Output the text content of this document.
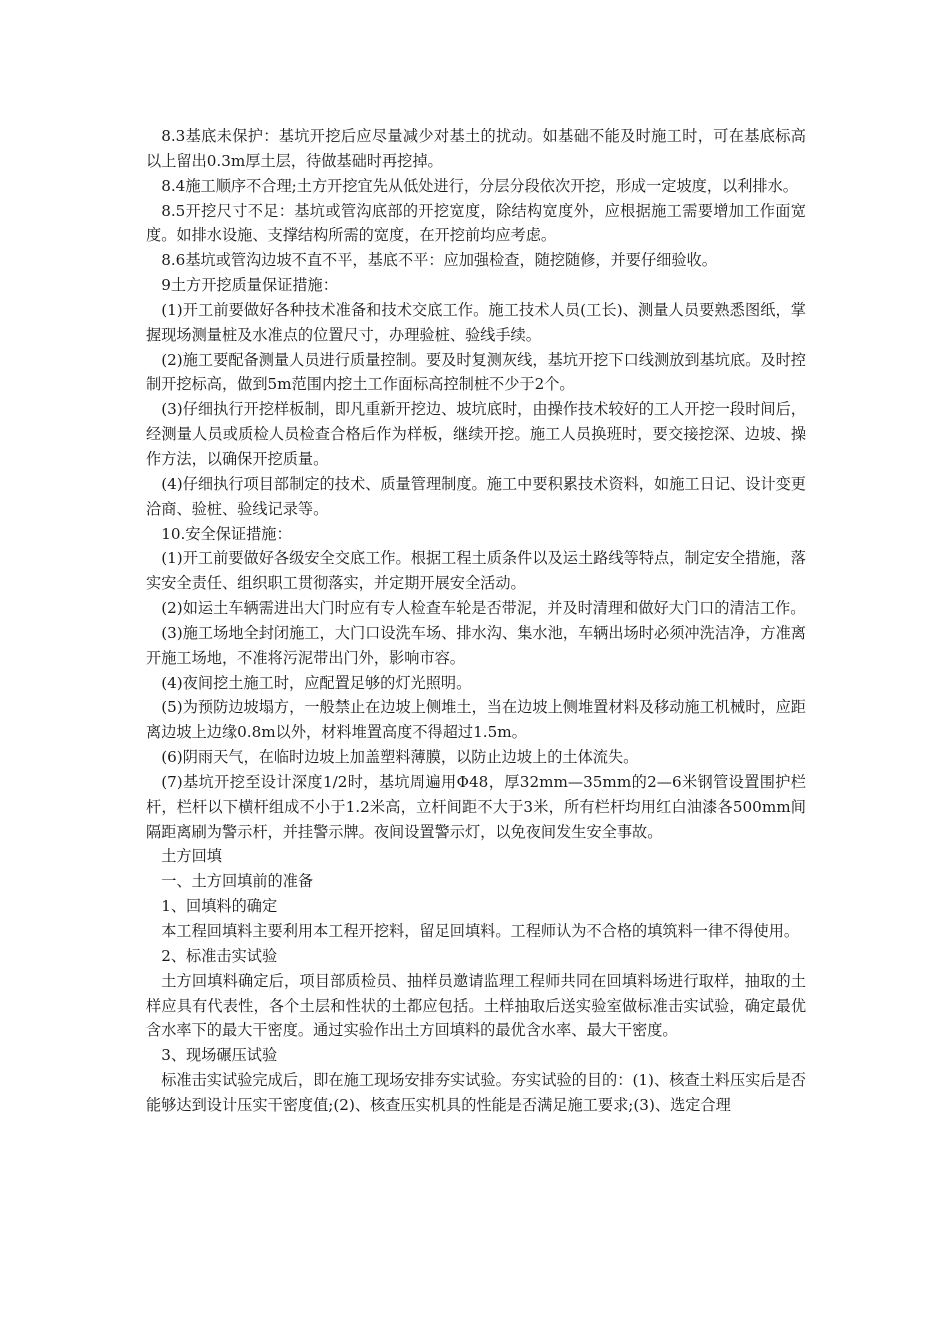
8.3基底未保护：基坑开挖后应尽量减少对基土的扰动。如基础不能及时施工时，可在基底标高以上留出0.3m厚土层，待做基础时再挖掉。

8.4施工顺序不合理;土方开挖宜先从低处进行，分层分段依次开挖，形成一定坡度，以利排水。

8.5开挖尺寸不足：基坑或管沟底部的开挖宽度，除结构宽度外，应根据施工需要增加工作面宽度。如排水设施、支撑结构所需的宽度，在开挖前均应考虑。

8.6基坑或管沟边坡不直不平，基底不平：应加强检查，随挖随修，并要仔细验收。

9土方开挖质量保证措施：

(1)开工前要做好各种技术准备和技术交底工作。施工技术人员(工长)、测量人员要熟悉图纸，掌握现场测量桩及水准点的位置尺寸，办理验桩、验线手续。

(2)施工要配备测量人员进行质量控制。要及时复测灰线，基坑开挖下口线测放到基坑底。及时控制开挖标高，做到5m范围内挖土工作面标高控制桩不少于2个。

(3)仔细执行开挖样板制，即凡重新开挖边、坡坑底时，由操作技术较好的工人开挖一段时间后，经测量人员或质检人员检查合格后作为样板，继续开挖。施工人员换班时，要交接挖深、边坡、操作方法，以确保开挖质量。

(4)仔细执行项目部制定的技术、质量管理制度。施工中要积累技术资料，如施工日记、设计变更洽商、验桩、验线记录等。

10.安全保证措施：

(1)开工前要做好各级安全交底工作。根据工程土质条件以及运土路线等特点，制定安全措施，落实安全责任、组织职工贯彻落实，并定期开展安全活动。

(2)如运土车辆需进出大门时应有专人检查车轮是否带泥，并及时清理和做好大门口的清洁工作。

(3)施工场地全封闭施工，大门口设洗车场、排水沟、集水池，车辆出场时必须冲洗洁净，方准离开施工场地，不准将污泥带出门外，影响市容。

(4)夜间挖土施工时，应配置足够的灯光照明。

(5)为预防边坡塌方，一般禁止在边坡上侧堆土，当在边坡上侧堆置材料及移动施工机械时，应距离边坡上边缘0.8m以外，材料堆置高度不得超过1.5m。

(6)阴雨天气，在临时边坡上加盖塑料薄膜，以防止边坡上的土体流失。

(7)基坑开挖至设计深度1/2时，基坑周遍用Φ48，厚32mm—35mm的2—6米钢管设置围护栏杆，栏杆以下横杆组成不小于1.2米高，立杆间距不大于3米，所有栏杆均用红白油漆各500mm间隔距离刷为警示杆，并挂警示牌。夜间设置警示灯，以免夜间发生安全事故。

土方回填

一、土方回填前的准备

1、回填料的确定

本工程回填料主要利用本工程开挖料，留足回填料。工程师认为不合格的填筑料一律不得使用。

2、标准击实试验

土方回填料确定后，项目部质检员、抽样员邀请监理工程师共同在回填料场进行取样，抽取的土样应具有代表性，各个土层和性状的土都应包括。土样抽取后送实验室做标准击实试验，确定最优含水率下的最大干密度。通过实验作出土方回填料的最优含水率、最大干密度。

3、现场碾压试验

标准击实试验完成后，即在施工现场安排夯实试验。夯实试验的目的：(1)、核查土料压实后是否能够达到设计压实干密度值;(2)、核查压实机具的性能是否满足施工要求;(3)、选定合理
